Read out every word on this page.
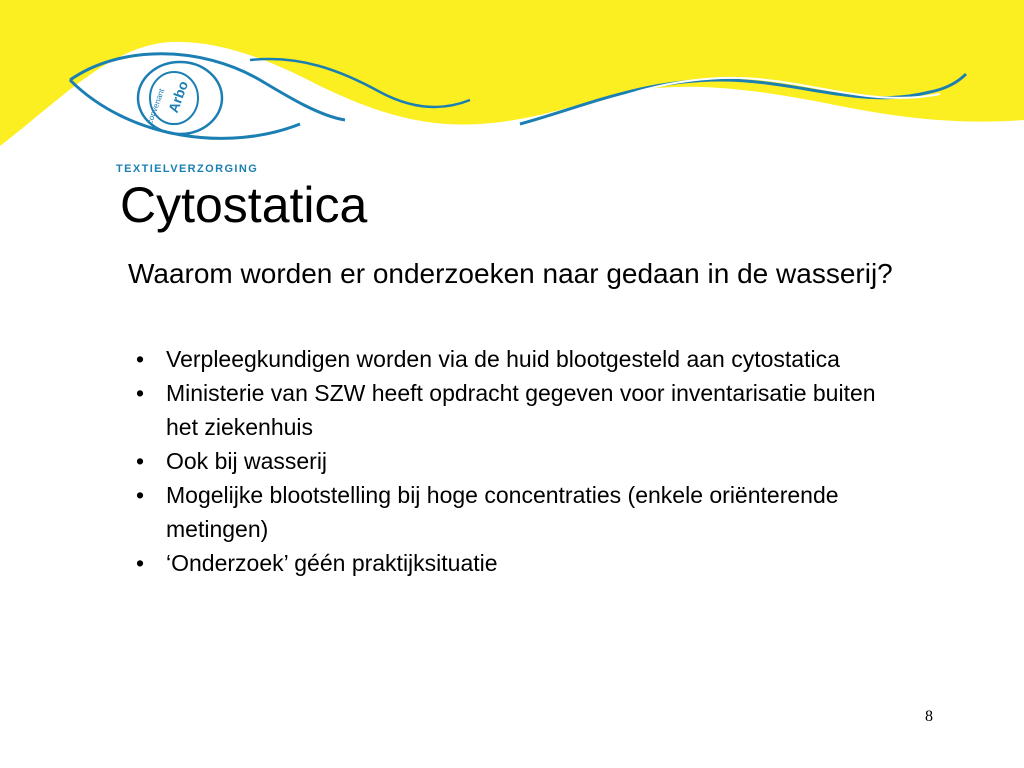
Arbo
convenant
TEXTIELVERZORGING
Cytostatica

Waarom worden er onderzoeken naar gedaan in de wasserij?

• Verpleegkundigen worden via de huid blootgesteld aan cytostatica
• Ministerie van SZW heeft opdracht gegeven voor inventarisatie buiten het ziekenhuis
• Ook bij wasserij
• Mogelijke blootstelling bij hoge concentraties (enkele oriënterende metingen)
• ‘Onderzoek’ géén praktijksituatie
8
